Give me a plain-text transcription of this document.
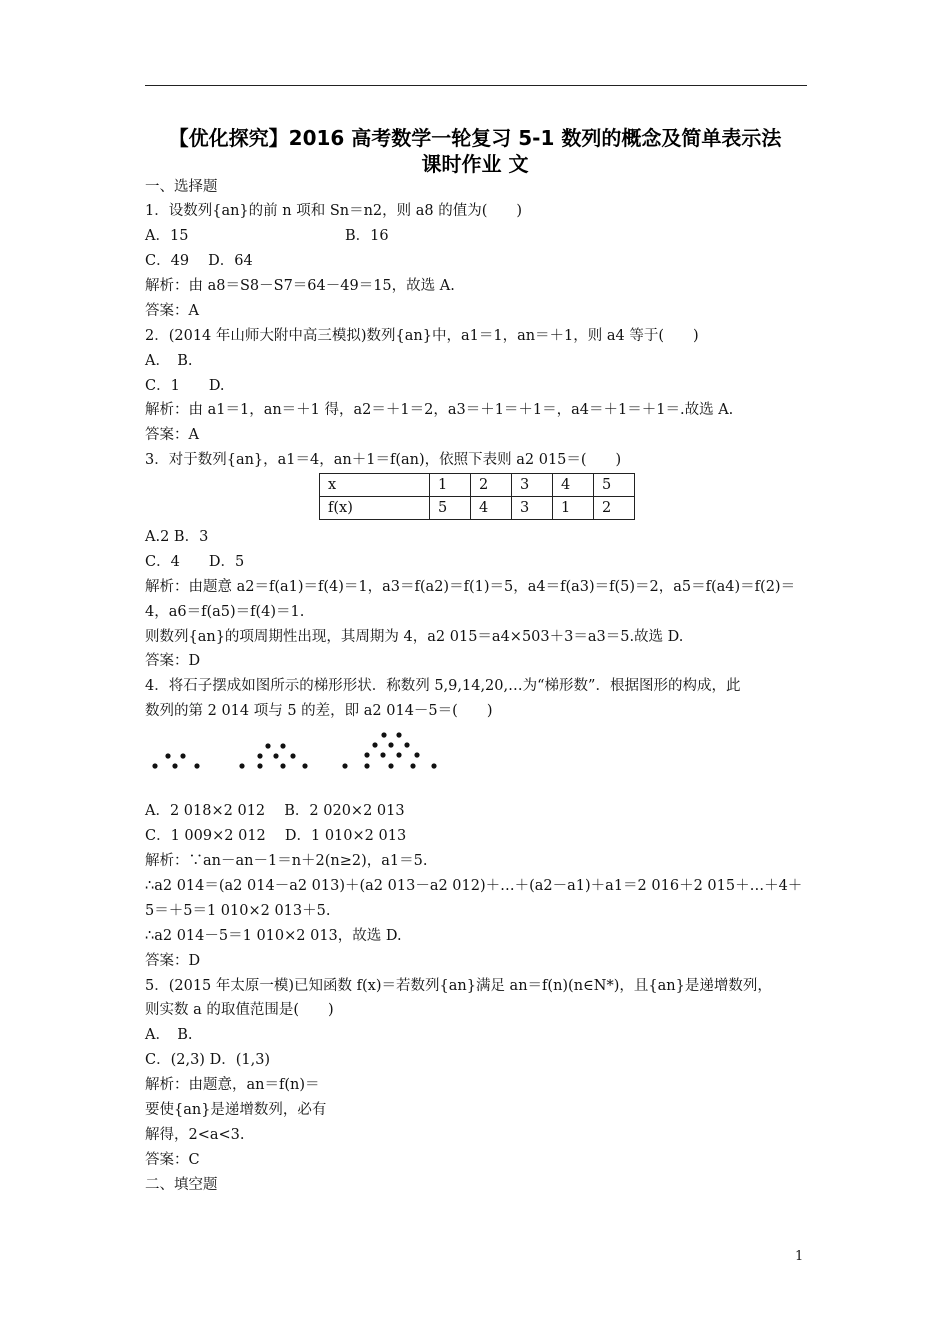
【优化探究】2016 高考数学一轮复习 5-1 数列的概念及简单表示法
课时作业 文
一、选择题
1．设数列{an}的前 n 项和 Sn＝n2，则 a8 的值为(　　)
A．15	B．16
C．49　 D．64
解析：由 a8＝S8－S7＝64－49＝15，故选 A.
答案：A
2．(2014 年山师大附中高三模拟)数列{an}中，a1＝1，an＝＋1，则 a4 等于(　　)
A．　B.
C．1　　D.
解析：由 a1＝1，an＝＋1 得，a2＝＋1＝2，a3＝＋1＝＋1＝，a4＝＋1＝＋1＝.故选 A.
答案：A
3．对于数列{an}，a1＝4，an＋1＝f(an)，依照下表则 a2 015＝(　　)
x	1	2	3	4	5
f(x)	5	4	3	1	2
A.2 B．3
C．4　　D．5
解析：由题意 a2＝f(a1)＝f(4)＝1，a3＝f(a2)＝f(1)＝5，a4＝f(a3)＝f(5)＝2，a5＝f(a4)＝f(2)＝
4，a6＝f(a5)＝f(4)＝1.
则数列{an}的项周期性出现，其周期为 4，a2 015＝a4×503＋3＝a3＝5.故选 D.
答案：D
4．将石子摆成如图所示的梯形形状．称数列 5,9,14,20,…为“梯形数”．根据图形的构成，此
数列的第 2 014 项与 5 的差，即 a2 014－5＝(　　)
A．2 018×2 012　 B．2 020×2 013
C．1 009×2 012　 D．1 010×2 013
解析：∵an－an－1＝n＋2(n≥2)，a1＝5.
∴a2 014＝(a2 014－a2 013)＋(a2 013－a2 012)＋…＋(a2－a1)＋a1＝2 016＋2 015＋…＋4＋
5＝＋5＝1 010×2 013＋5.
∴a2 014－5＝1 010×2 013，故选 D.
答案：D
5．(2015 年太原一模)已知函数 f(x)＝若数列{an}满足 an＝f(n)(n∈N*)，且{an}是递增数列，
则实数 a 的取值范围是(　　)
A．　B.
C．(2,3) D．(1,3)
解析：由题意，an＝f(n)＝
要使{an}是递增数列，必有
解得，2<a<3.
答案：C
二、填空题
1
